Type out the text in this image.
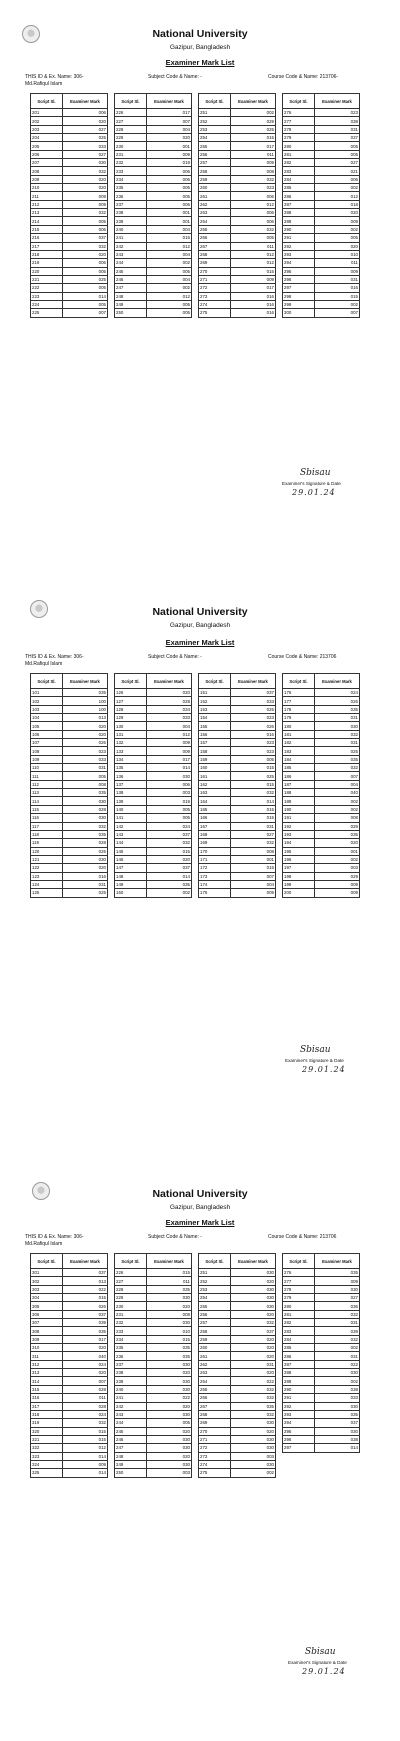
National University
Gazipur, Bangladesh
Examiner Mark List
THIS ID & Ex. Name: 306-
Md.Rafiqul Islam
Subject Code & Name: -	Course Code & Name: 213706-
Sbisau
Examiner's Signature & Date
29.01.24
Script Sl.	Examiner Mark
201	006
202	020
203	027
204	025
205	033
206	027
207	030
208	032
209	020
210	020
211	009
212	009
213	032
214	005
215	006
216	037
217	032
218	020
219	006
220	005
221	025
222	005
223	014
224	005
225	007
Script Sl.	Examiner Mark
226	017
227	007
228	004
229	020
230	001
231	009
232	019
233	006
234	006
235	005
236	005
237	006
238	001
239	001
240	004
241	015
242	012
243	004
244	002
245	005
246	004
247	002
248	012
249	005
250	005
Script Sl.	Examiner Mark
251	002
252	029
253	025
254	015
255	017
256	011
257	009
258	008
259	032
260	023
261	006
262	012
263	006
264	006
265	032
266	005
267	011
268	012
269	012
270	015
271	009
272	017
273	016
274	016
275	016
Script Sl.	Examiner Mark
276	023
277	038
278	031
279	037
280	005
281	005
282	027
283	021
284	006
285	002
286	012
287	018
288	020
289	009
290	002
291	005
292	020
293	010
294	011
295	009
296	031
297	016
298	015
299	002
300	007
National University
Gazipur, Bangladesh
Examiner Mark List
THIS ID & Ex. Name: 306-
Md.Rafiqul Islam
Subject Code & Name: -	Course Code & Name: 213706
Sbisau
Examiner's Signature & Date
29.01.24
Script Sl.	Examiner Mark
101	035
102	100
103	100
104	013
105	020
106	020
107	026
108	023
109	033
110	031
111	005
112	008
113	035
114	030
115	028
116	030
117	032
118	035
119	028
120	025
121	030
122	020
123	016
124	031
125	025
Script Sl.	Examiner Mark
126	020
127	028
128	034
129	033
130	004
131	012
132	009
133	009
134	017
135	014
136	030
137	006
138	003
139	019
140	005
141	005
142	024
143	037
144	032
145	015
146	020
147	037
148	014
149	035
150	002
Script Sl.	Examiner Mark
151	037
152	033
153	025
154	023
155	026
156	016
157	023
158	023
159	005
160	015
161	025
162	015
163	032
164	014
165	015
166	015
167	031
168	027
169	032
170	008
171	001
172	015
173	007
174	004
175	009
Script Sl.	Examiner Mark
176	024
177	026
178	035
179	031
180	030
181	032
182	031
183	025
184	035
185	032
186	007
187	004
188	040
189	002
190	002
191	008
192	029
193	035
194	020
195	001
196	002
197	003
198	029
199	009
200	009
National University
Gazipur, Bangladesh
Examiner Mark List
THIS ID & Ex. Name: 306-
Md.Rafiqul Islam
Subject Code & Name: -	Course Code & Name: 213706
Sbisau
Examiner's Signature & Date
29.01.24
Script Sl.	Examiner Mark
301	037
302	013
303	022
304	015
305	026
306	037
307	039
308	035
309	017
310	020
311	040
312	024
313	020
314	007
315	028
316	011
317	028
318	024
319	032
320	015
321	015
322	012
323	014
324	009
325	014
Script Sl.	Examiner Mark
226	015
227	011
228	035
229	030
230	020
231	008
232	030
233	010
234	015
235	035
236	035
237	030
238	020
239	030
240	030
241	022
242	020
243	030
244	005
245	020
246	030
247	030
248	020
249	030
250	003
Script Sl.	Examiner Mark
251	030
252	020
253	030
254	030
255	030
256	020
257	032
258	037
259	020
260	020
261	020
262	031
263	020
264	022
265	032
266	032
267	035
268	032
269	030
270	020
271	030
272	030
273	003
274	030
275	002
Script Sl.	Examiner Mark
276	035
277	009
278	030
279	027
280	036
281	032
282	031
283	039
284	032
285	002
286	031
287	022
288	030
289	002
290	038
291	033
292	030
293	035
294	037
295	030
296	038
297	014
